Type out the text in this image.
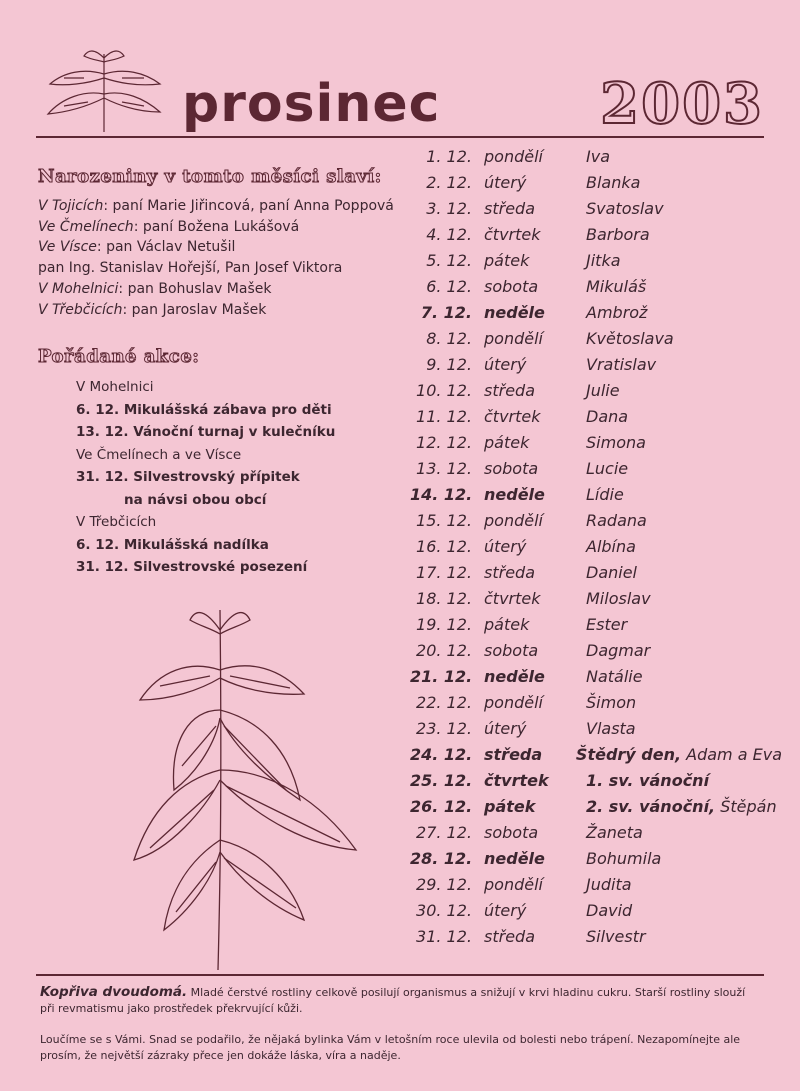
prosinec	2003
Narozeniny v tomto měsíci slaví:
V Tojicích: paní Marie Jiřincová, paní Anna Poppová
Ve Čmelínech: paní Božena Lukášová
Ve Vísce: pan Václav Netušil
pan Ing. Stanislav Hořejší, Pan Josef Viktora
V Mohelnici: pan Bohuslav Mašek
V Třebčicích: pan Jaroslav Mašek
Pořádané akce:
V Mohelnici
6. 12. Mikulášská zábava pro děti
13. 12. Vánoční turnaj v kulečníku
Ve Čmelínech a ve Vísce
31. 12. Silvestrovský přípitek
na návsi obou obcí
V Třebčicích
6. 12. Mikulášská nadílka
31. 12. Silvestrovské posezení
1. 12. pondělí	Iva
2. 12. úterý	Blanka
3. 12. středa	Svatoslav
4. 12. čtvrtek	Barbora
5. 12. pátek	Jitka
6. 12. sobota	Mikuláš
7. 12. neděle	Ambrož
8. 12. pondělí	Květoslava
9. 12. úterý	Vratislav
10. 12. středa	Julie
11. 12. čtvrtek	Dana
12. 12. pátek	Simona
13. 12. sobota	Lucie
14. 12. neděle	Lídie
15. 12. pondělí	Radana
16. 12. úterý	Albína
17. 12. středa	Daniel
18. 12. čtvrtek	Miloslav
19. 12. pátek	Ester
20. 12. sobota	Dagmar
21. 12. neděle	Natálie
22. 12. pondělí	Šimon
23. 12. úterý	Vlasta
24. 12. středa	Štědrý den, Adam a Eva
25. 12. čtvrtek	1. sv. vánoční
26. 12. pátek	2. sv. vánoční, Štěpán
27. 12. sobota	Žaneta
28. 12. neděle	Bohumila
29. 12. pondělí	Judita
30. 12. úterý	David
31. 12. středa	Silvestr
Kopřiva dvoudomá. Mladé čerstvé rostliny celkově posilují organismus a snižují v krvi hladinu cukru. Starší rostliny slouží při revmatismu jako prostředek překrvující kůži.
Loučíme se s Vámi. Snad se podařilo, že nějaká bylinka Vám v letošním roce ulevila od bolesti nebo trápení. Nezapomínejte ale prosím, že největší zázraky přece jen dokáže láska, víra a naděje.
